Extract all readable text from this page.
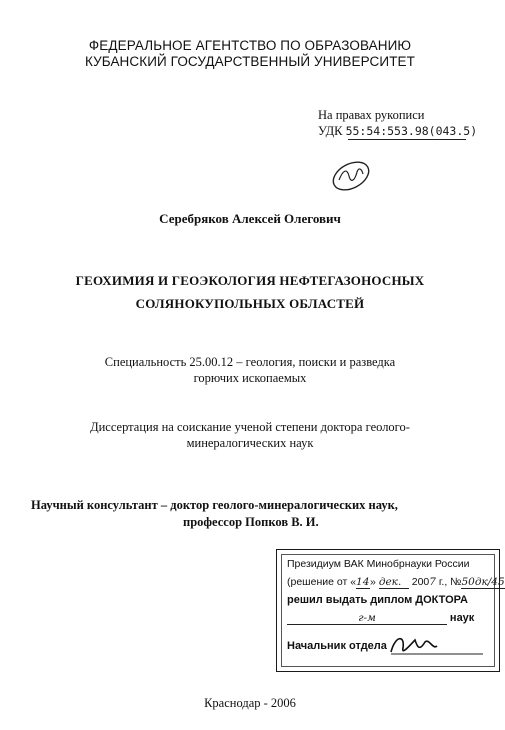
ФЕДЕРАЛЬНОЕ АГЕНТСТВО ПО ОБРАЗОВАНИЮ
КУБАНСКИЙ ГОСУДАРСТВЕННЫЙ УНИВЕРСИТЕТ
На правах рукописи
УДК 55:54:553.98(043.5)
Серебряков Алексей Олегович
ГЕОХИМИЯ И ГЕОЭКОЛОГИЯ НЕФТЕГАЗОНОСНЫХ
СОЛЯНОКУПОЛЬНЫХ ОБЛАСТЕЙ
Специальность 25.00.12 – геология, поиски и разведка
горючих ископаемых
Диссертация на соискание ученой степени доктора геолого-
минералогических наук
Научный консультант – доктор геолого-минералогических наук,
профессор Попков В. И.
Президиум ВАК Минобрнауки России
(решение от «14» дек. 2007 г., №50дк/45
решил выдать диплом ДОКТОРА
г-м	наук
Начальник отдела
Краснодар - 2006
